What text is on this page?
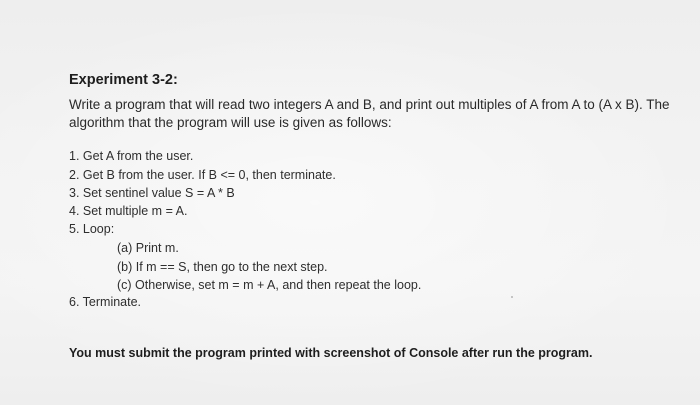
Experiment 3-2:
Write a program that will read two integers A and B, and print out multiples of A from A to (A x B). The algorithm that the program will use is given as follows:
1. Get A from the user.
2. Get B from the user. If B <= 0, then terminate.
3. Set sentinel value S = A * B
4. Set multiple m = A.
5. Loop:
(a) Print m.
(b) If m == S, then go to the next step.
(c) Otherwise, set m = m + A, and then repeat the loop.
6. Terminate.
You must submit the program printed with screenshot of Console after run the program.
